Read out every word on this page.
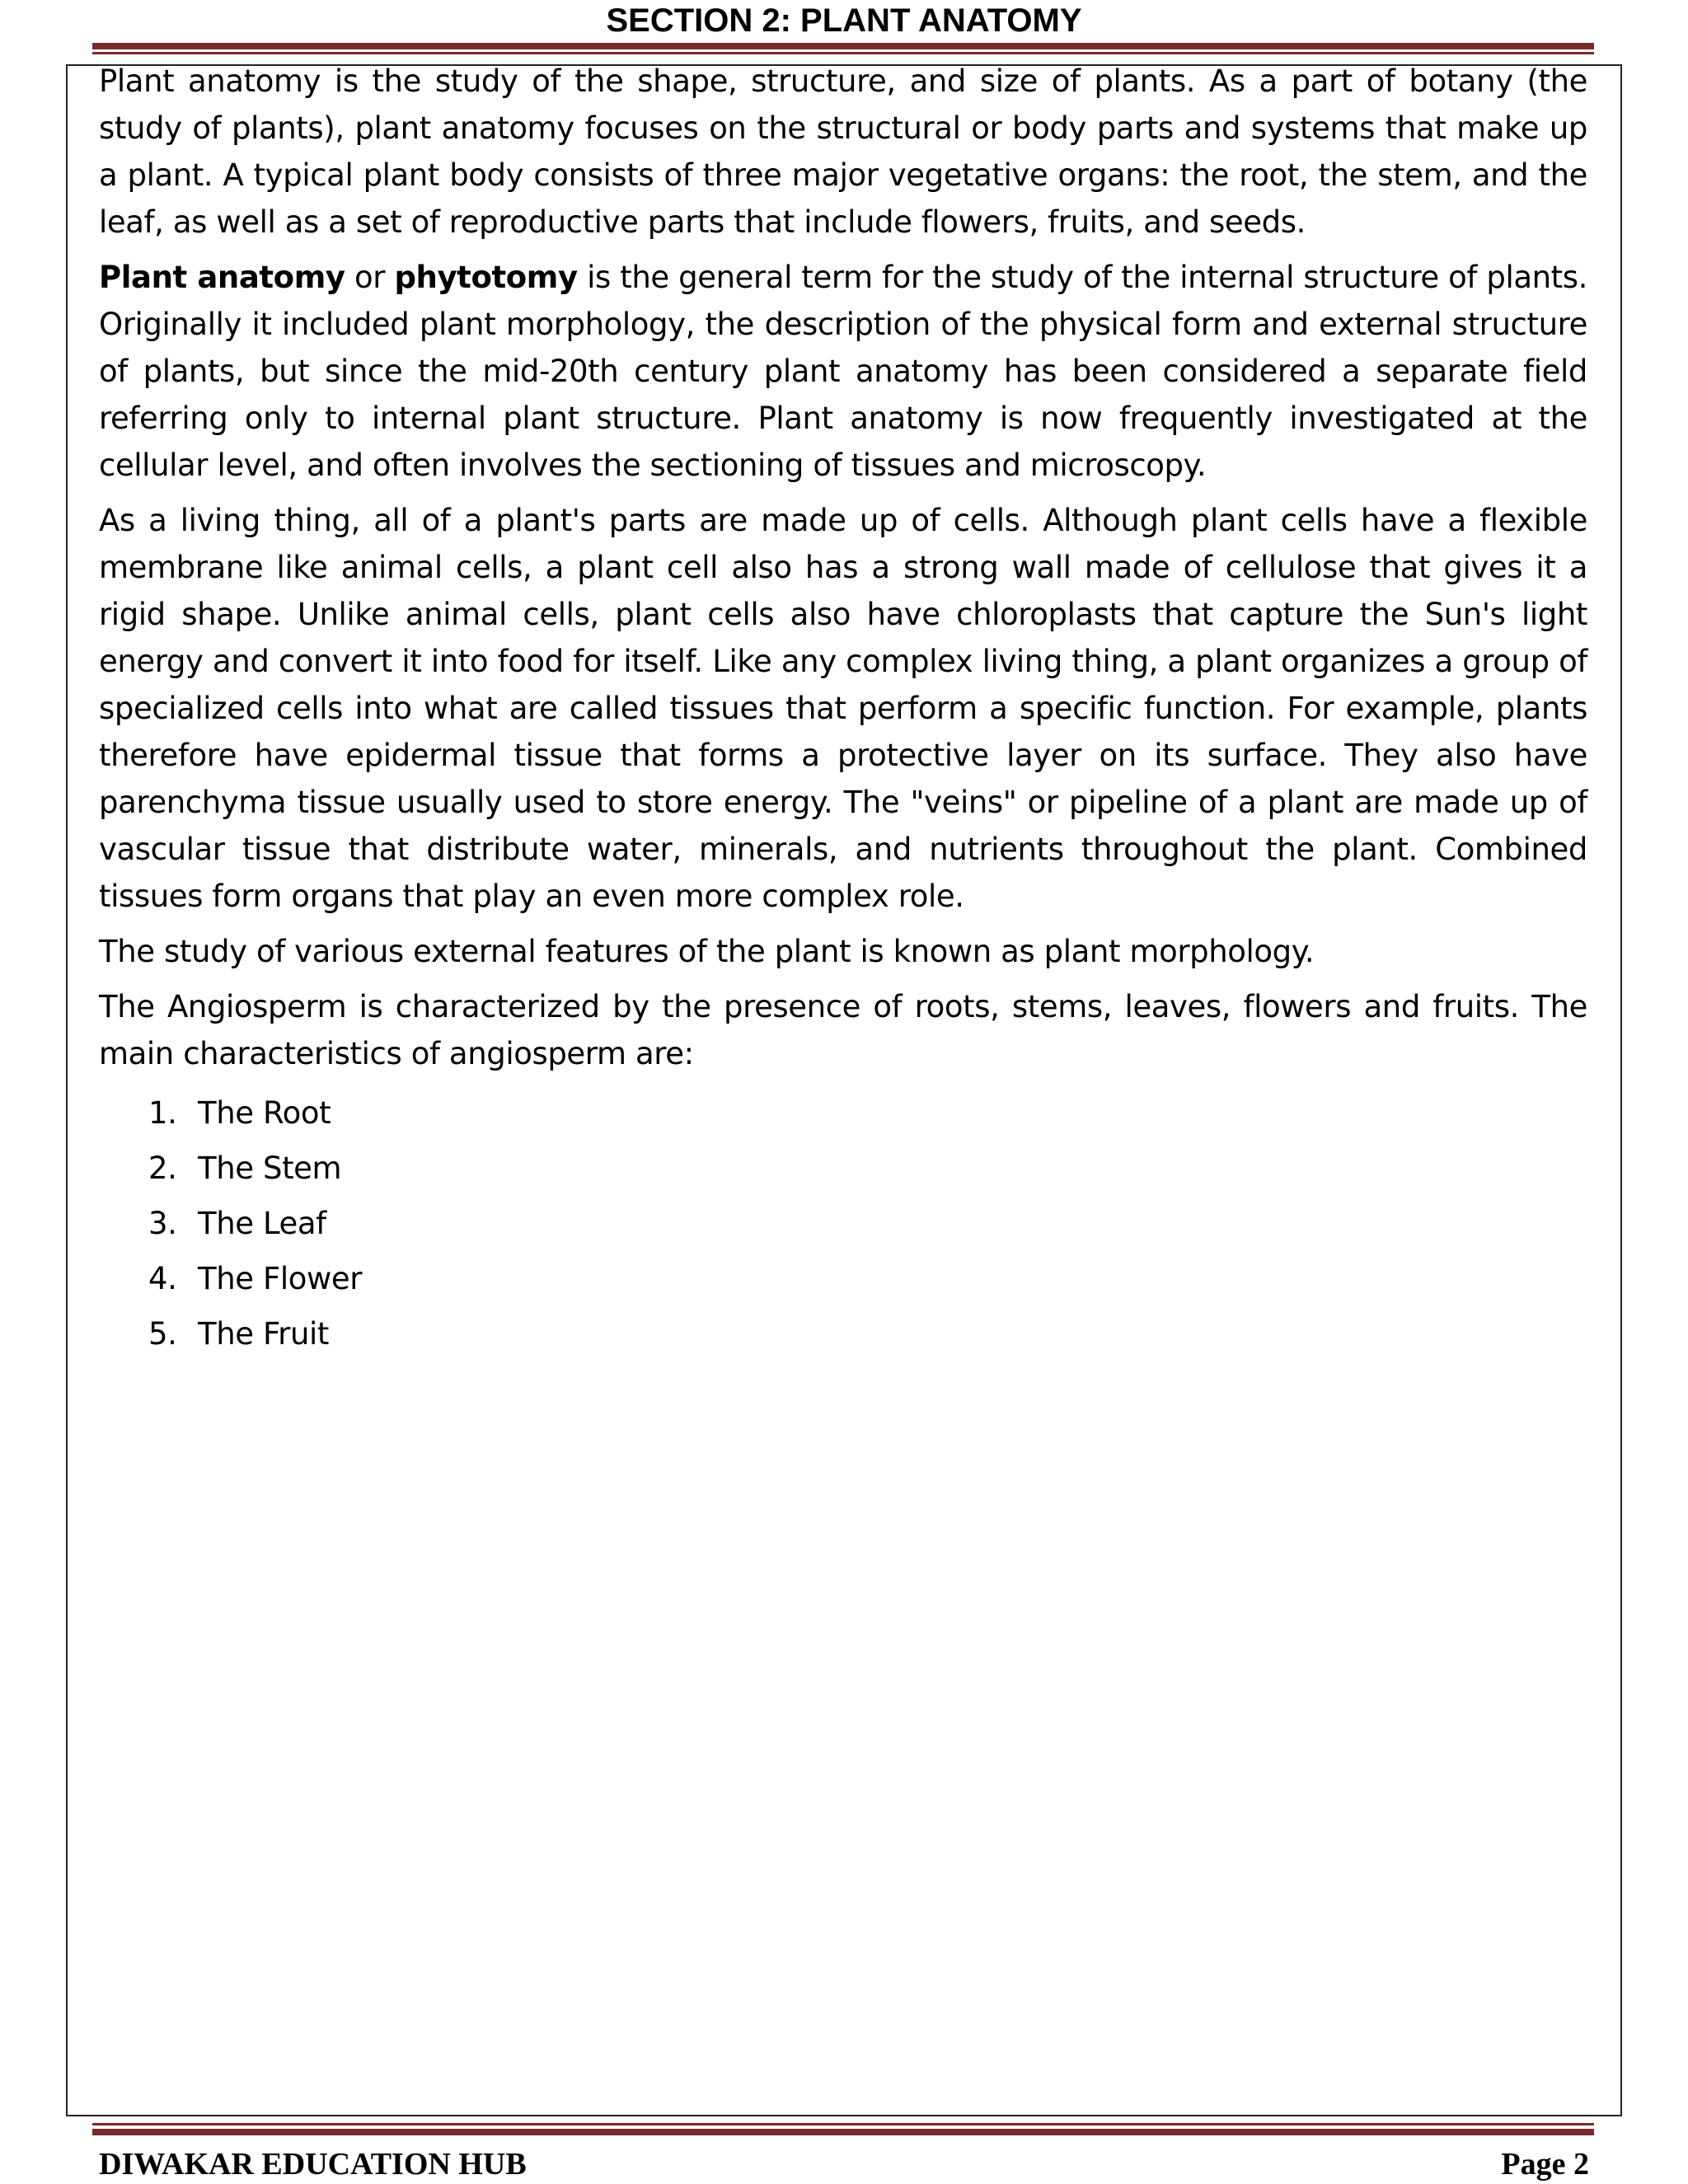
SECTION 2: PLANT ANATOMY

Plant anatomy is the study of the shape, structure, and size of plants. As a part of botany (the study of plants), plant anatomy focuses on the structural or body parts and systems that make up a plant. A typical plant body consists of three major vegetative organs: the root, the stem, and the leaf, as well as a set of reproductive parts that include flowers, fruits, and seeds.

Plant anatomy or phytotomy is the general term for the study of the internal structure of plants. Originally it included plant morphology, the description of the physical form and external structure of plants, but since the mid-20th century plant anatomy has been considered a separate field referring only to internal plant structure. Plant anatomy is now frequently investigated at the cellular level, and often involves the sectioning of tissues and microscopy.

As a living thing, all of a plant's parts are made up of cells. Although plant cells have a flexible membrane like animal cells, a plant cell also has a strong wall made of cellulose that gives it a rigid shape. Unlike animal cells, plant cells also have chloroplasts that capture the Sun's light energy and convert it into food for itself. Like any complex living thing, a plant organizes a group of specialized cells into what are called tissues that perform a specific function. For example, plants therefore have epidermal tissue that forms a protective layer on its surface. They also have parenchyma tissue usually used to store energy. The "veins" or pipeline of a plant are made up of vascular tissue that distribute water, minerals, and nutrients throughout the plant. Combined tissues form organs that play an even more complex role.

The study of various external features of the plant is known as plant morphology.

The Angiosperm is characterized by the presence of roots, stems, leaves, flowers and fruits. The main characteristics of angiosperm are:

1. The Root
2. The Stem
3. The Leaf
4. The Flower
5. The Fruit
DIWAKAR EDUCATION HUB	Page 2
